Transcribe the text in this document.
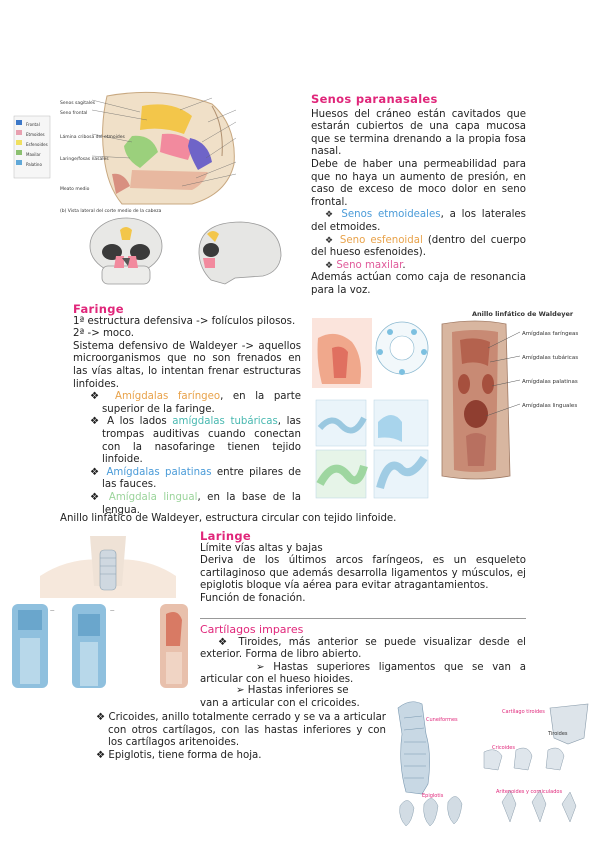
Senos sagitales
Seno frontal
Lámina cribosa del etmoides
Laringe/fosas nasales
Meato medio
Frontal
Etmoides
Esfenoides
Maxilar
Palatino
(b) Vista lateral del corte medio de la cabeza
Senos paranasales

Huesos del cráneo están cavitados que estarán cubiertos de una capa mucosa que se termina drenando a la propia fosa nasal.

Debe de haber una permeabilidad para que no haya un aumento de presión, en caso de exceso de moco dolor en seno frontal.

❖ Senos etmoideales, a los laterales del etmoides.

❖ Seno esfenoidal (dentro del cuerpo del hueso esfenoides).

❖ Seno maxilar.

Además actúan como caja de resonancia para la voz.

Faringe

1ª estructura defensiva -> folículos pilosos.

2ª -> moco.

Sistema defensivo de Waldeyer -> aquellos microorganismos que no son frenados en las vías altas, lo intentan frenar estructuras linfoides.

❖ Amígdalas faríngeo, en la parte superior de la faringe.

❖ A los lados amígdalas tubáricas, las trompas auditivas cuando conectan con la nasofaringe tienen tejido linfoide.

❖ Amígdalas palatinas entre pilares de las fauces.

❖ Amígdala lingual, en la base de la lengua.

Anillo linfático de Waldeyer, estructura circular con tejido linfoide.

Anillo linfático de Waldeyer
Amígdalas faríngeas
Amígdalas tubáricas
Amígdalas palatinas
Amígdalas linguales
—	—
Laringe

Límite vías altas y bajas

Deriva de los últimos arcos faríngeos, es un esqueleto cartilaginoso que además desarrolla ligamentos y músculos, ej epiglotis bloque vía aérea para evitar atragantamientos.

Función de fonación.

Cartílagos impares

❖ Tiroides, más anterior se puede visualizar desde el exterior. Forma de libro abierto.

➢ Hastas superiores ligamentos que se van a articular con el hueso hioides.

➢ Hastas inferiores se

van a articular con el cricoides.

❖ Cricoides, anillo totalmente cerrado y se va a articular con otros cartílagos, con las hastas inferiores y con los cartílagos aritenoides.

❖ Epiglotis, tiene forma de hoja.

Cuneiformes
Cartílago tiroides
Cricoides
Epiglotis
Aritenoides y corniculados
Tiroides
